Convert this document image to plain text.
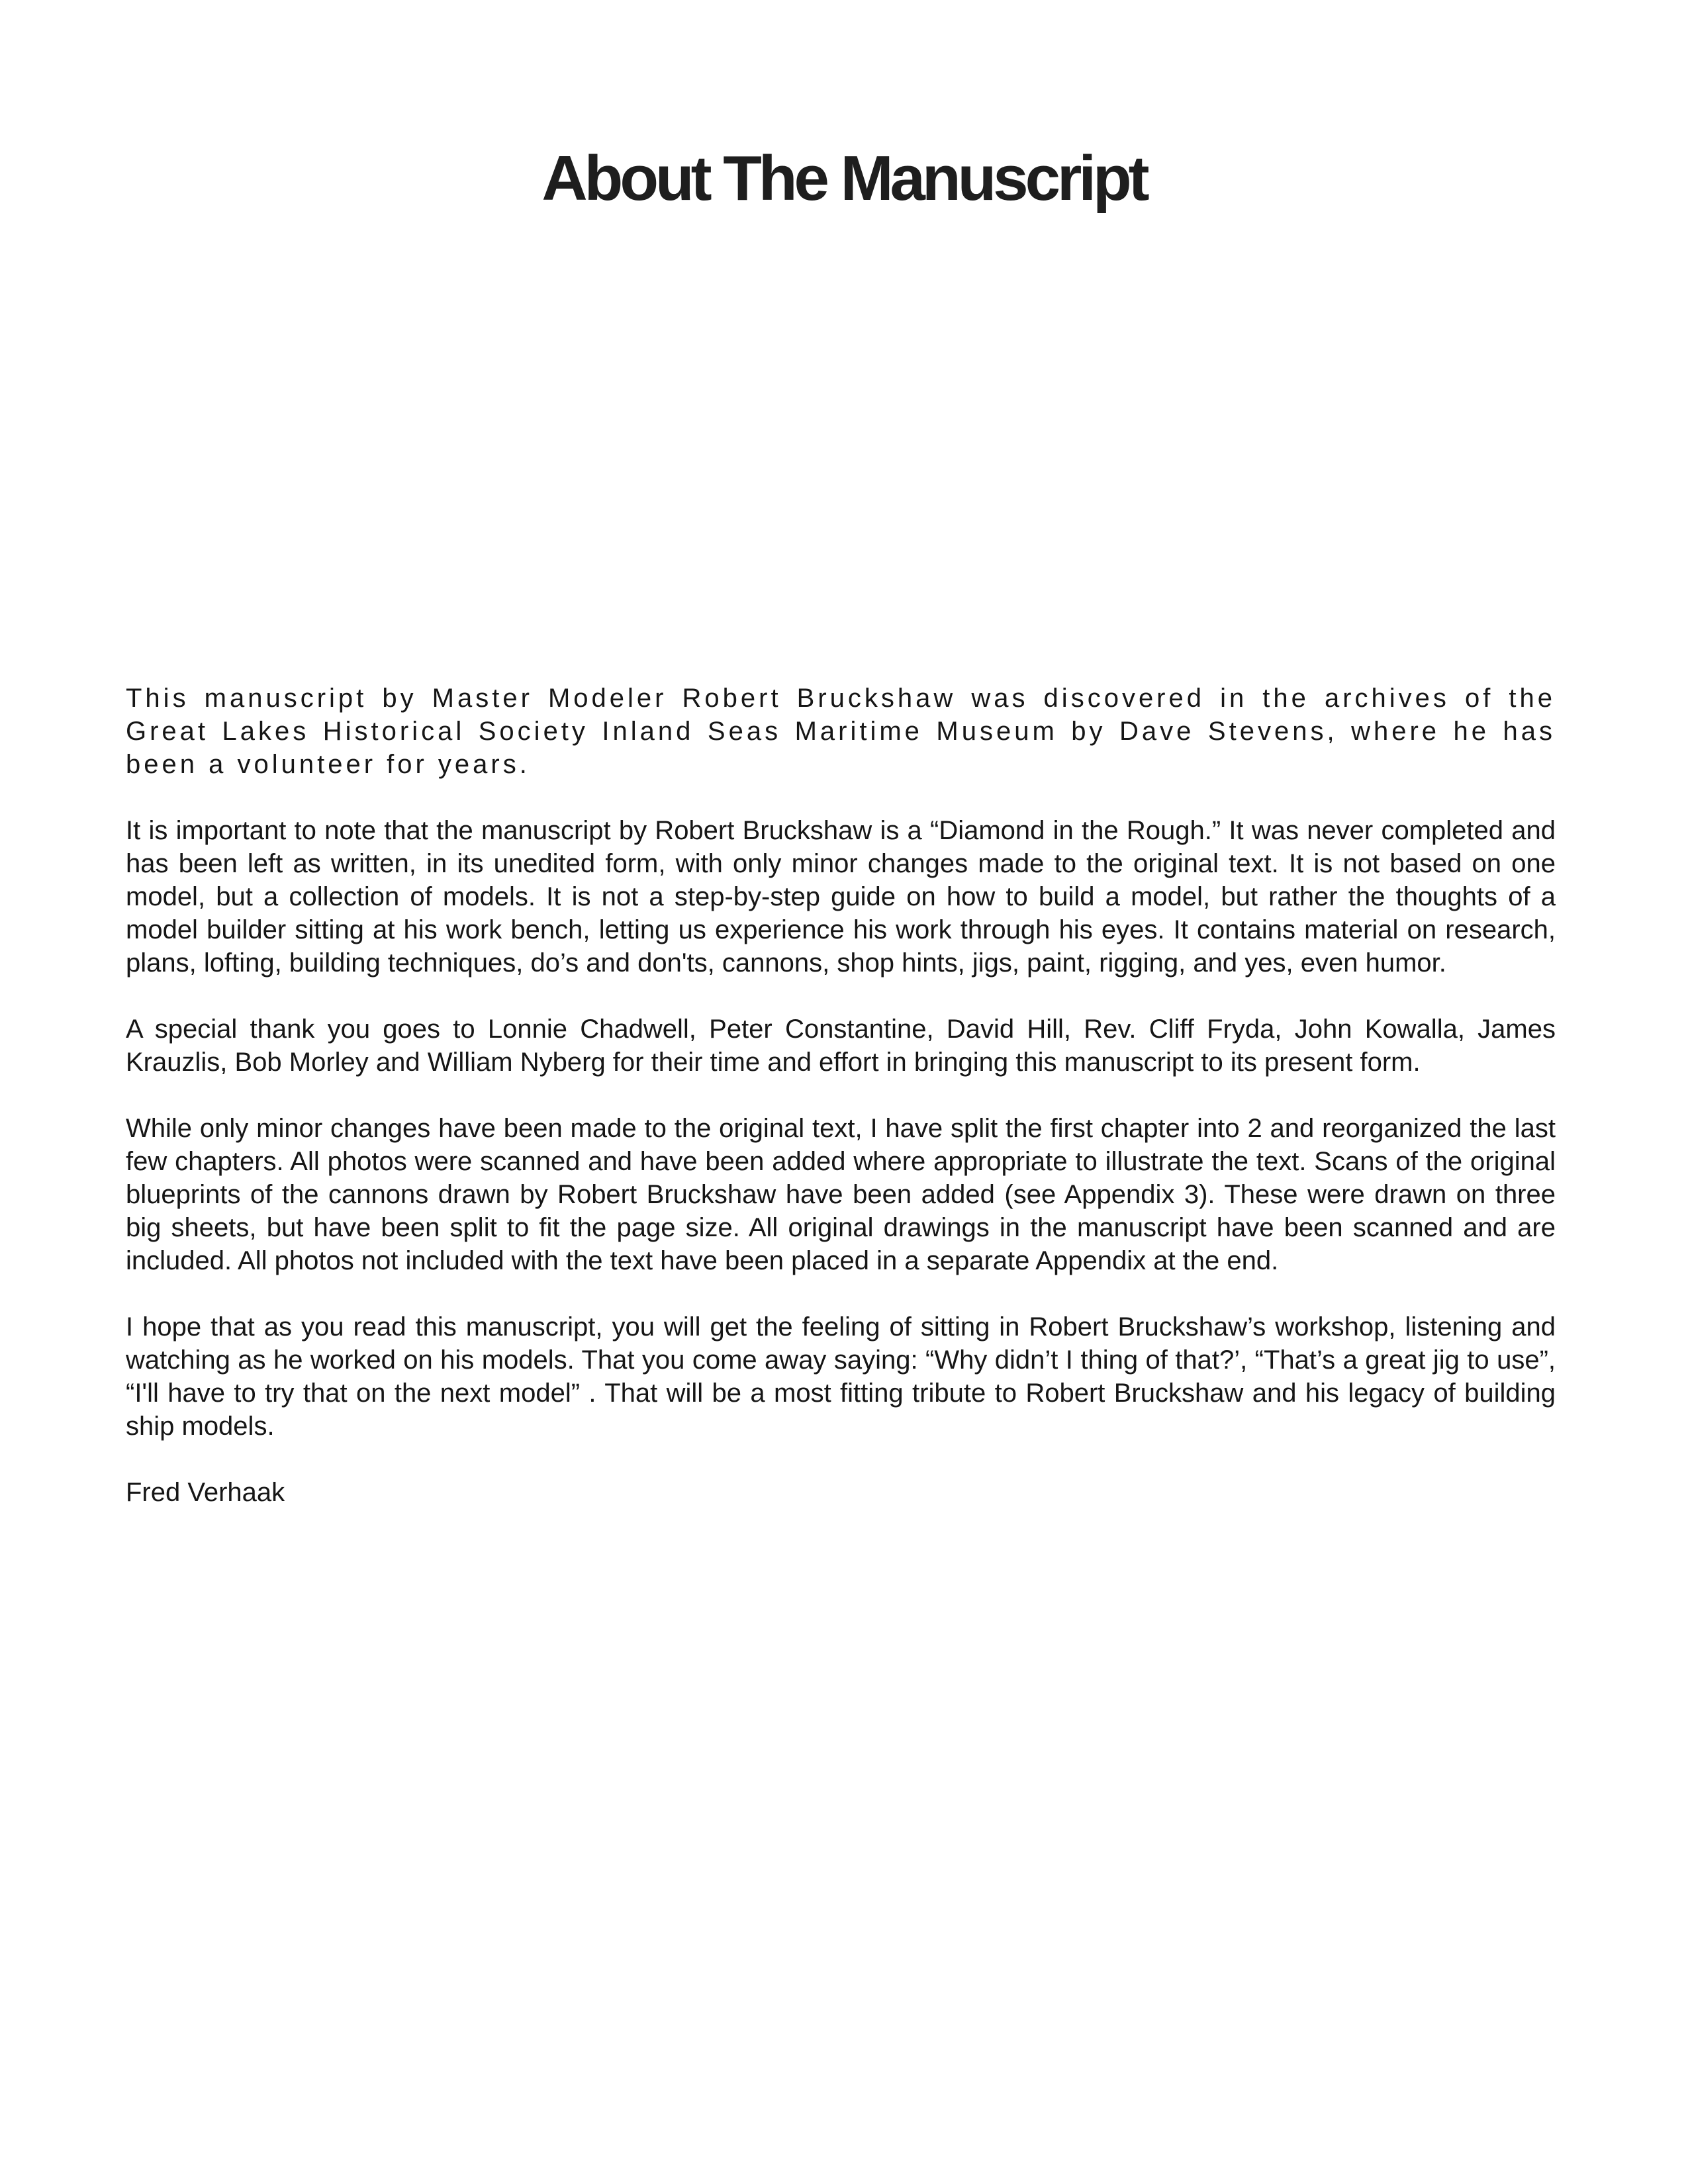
About The Manuscript

This manuscript by Master Modeler Robert Bruckshaw was discovered in the archives of the Great Lakes Historical Society Inland Seas Maritime Museum by Dave Stevens, where he has been a volunteer for years.

It is important to note that the manuscript by Robert Bruckshaw is a “Diamond in the Rough.” It was never completed and has been left as written, in its unedited form, with only minor changes made to the original text. It is not based on one model, but a collection of models. It is not a step-by-step guide on how to build a model, but rather the thoughts of a model builder sitting at his work bench, letting us experience his work through his eyes. It contains material on research, plans, lofting, building techniques, do’s and don'ts, cannons, shop hints, jigs, paint, rigging, and yes, even humor.

A special thank you goes to Lonnie Chadwell, Peter Constantine, David Hill, Rev. Cliff Fryda, John Kowalla, James Krauzlis, Bob Morley and William Nyberg for their time and effort in bringing this manuscript to its present form.

While only minor changes have been made to the original text, I have split the first chapter into 2 and reorganized the last few chapters. All photos were scanned and have been added where appropriate to illustrate the text. Scans of the original blueprints of the cannons drawn by Robert Bruckshaw have been added (see Appendix 3). These were drawn on three big sheets, but have been split to fit the page size. All original drawings in the manuscript have been scanned and are included. All photos not included with the text have been placed in a separate Appendix at the end.

I hope that as you read this manuscript, you will get the feeling of sitting in Robert Bruckshaw’s workshop, listening and watching as he worked on his models. That you come away saying: “Why didn’t I thing of that?’, “That’s a great jig to use”, “I'll have to try that on the next model” . That will be a most fitting tribute to Robert Bruckshaw and his legacy of building ship models.

Fred Verhaak
